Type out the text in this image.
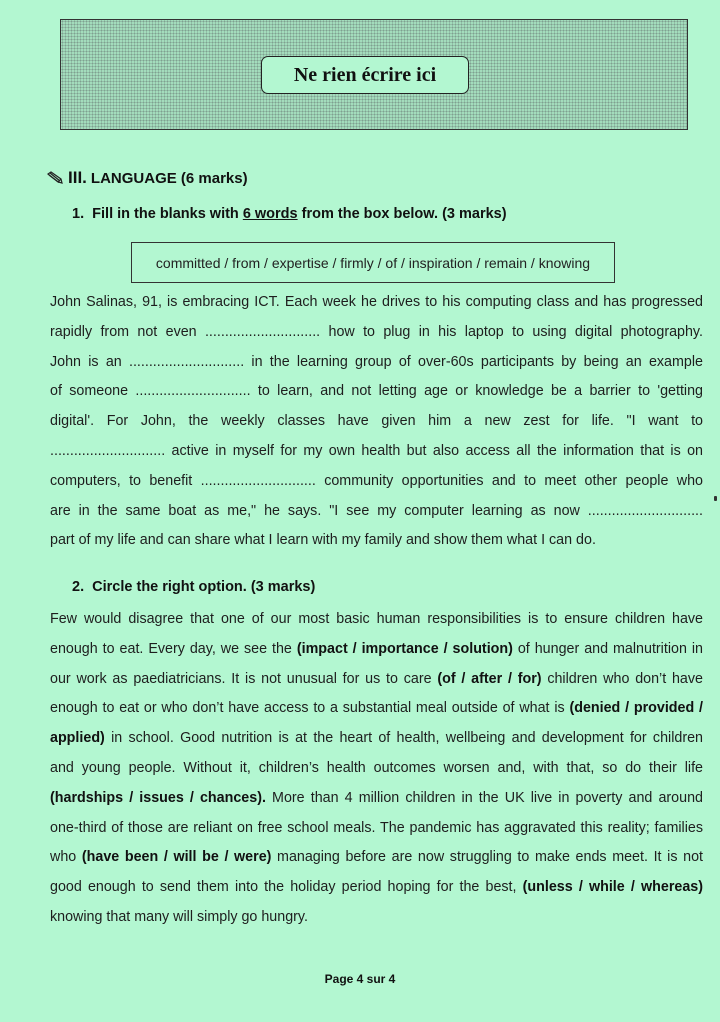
Ne rien écrire ici
III. LANGUAGE (6 marks)
1. Fill in the blanks with 6 words from the box below. (3 marks)
committed / from / expertise / firmly / of / inspiration / remain / knowing
John Salinas, 91, is embracing ICT. Each week he drives to his computing class and has progressed
rapidly from not even ............................. how to plug in his laptop to using digital photography.
John is an ............................. in the learning group of over-60s participants by being an example
of someone ............................. to learn, and not letting age or knowledge be a barrier to 'getting
digital'. For John, the weekly classes have given him a new zest for life. "I want to
............................. active in myself for my own health but also access all the information that is on
computers, to benefit ............................. community opportunities and to meet other people who
are in the same boat as me," he says. "I see my computer learning as now .............................
part of my life and can share what I learn with my family and show them what I can do.
2. Circle the right option. (3 marks)
Few would disagree that one of our most basic human responsibilities is to ensure children have
enough to eat. Every day, we see the (impact / importance / solution) of hunger and malnutrition in
our work as paediatricians. It is not unusual for us to care (of / after / for) children who don’t have
enough to eat or who don’t have access to a substantial meal outside of what is (denied / provided /
applied) in school. Good nutrition is at the heart of health, wellbeing and development for children
and young people. Without it, children’s health outcomes worsen and, with that, so do their life
(hardships / issues / chances). More than 4 million children in the UK live in poverty and around
one-third of those are reliant on free school meals. The pandemic has aggravated this reality; families
who (have been / will be / were) managing before are now struggling to make ends meet. It is not
good enough to send them into the holiday period hoping for the best, (unless / while / whereas)
knowing that many will simply go hungry.
Page 4 sur 4
